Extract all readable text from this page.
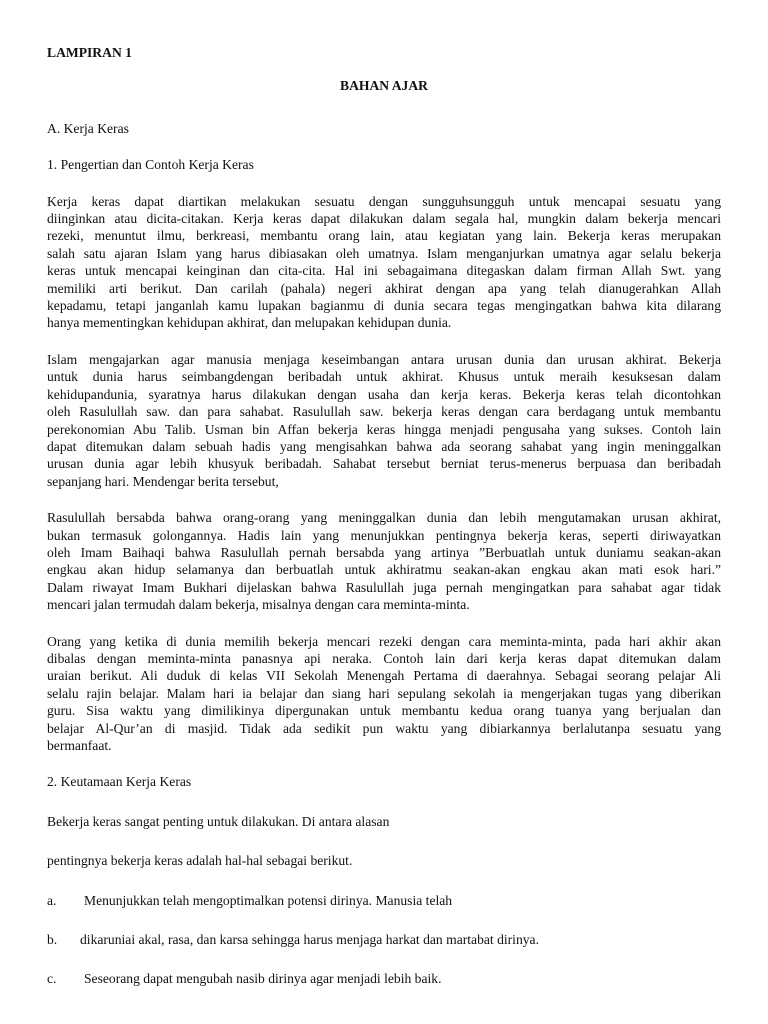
LAMPIRAN 1
BAHAN AJAR
A. Kerja Keras
1. Pengertian dan Contoh Kerja Keras

Kerja keras dapat diartikan melakukan sesuatu dengan sungguhsungguh untuk mencapai sesuatu yang
diinginkan atau dicita-citakan. Kerja keras dapat dilakukan dalam segala hal, mungkin dalam bekerja mencari
rezeki, menuntut ilmu, berkreasi, membantu orang lain, atau kegiatan yang lain. Bekerja keras merupakan
salah satu ajaran Islam yang harus dibiasakan oleh umatnya. Islam menganjurkan umatnya agar selalu bekerja
keras untuk mencapai keinginan dan cita-cita. Hal ini sebagaimana ditegaskan dalam firman Allah Swt. yang
memiliki arti berikut. Dan carilah (pahala) negeri akhirat dengan apa yang telah dianugerahkan Allah
kepadamu, tetapi janganlah kamu lupakan bagianmu di dunia secara tegas mengingatkan bahwa kita dilarang
hanya mementingkan kehidupan akhirat, dan melupakan kehidupan dunia.

Islam mengajarkan agar manusia menjaga keseimbangan antara urusan dunia dan urusan akhirat. Bekerja
untuk dunia harus seimbangdengan beribadah untuk akhirat. Khusus untuk meraih kesuksesan dalam
kehidupandunia, syaratnya harus dilakukan dengan usaha dan kerja keras. Bekerja keras telah dicontohkan
oleh Rasulullah saw. dan para sahabat. Rasulullah saw. bekerja keras dengan cara berdagang untuk membantu
perekonomian Abu Talib. Usman bin Affan bekerja keras hingga menjadi pengusaha yang sukses. Contoh lain
dapat ditemukan dalam sebuah hadis yang mengisahkan bahwa ada seorang sahabat yang ingin meninggalkan
urusan dunia agar lebih khusyuk beribadah. Sahabat tersebut berniat terus-menerus berpuasa dan beribadah
sepanjang hari. Mendengar berita tersebut,

Rasulullah bersabda bahwa orang-orang yang meninggalkan dunia dan lebih mengutamakan urusan akhirat,
bukan termasuk golongannya. Hadis lain yang menunjukkan pentingnya bekerja keras, seperti diriwayatkan
oleh Imam Baihaqi bahwa Rasulullah pernah bersabda yang artinya ”Berbuatlah untuk duniamu seakan-akan
engkau akan hidup selamanya dan berbuatlah untuk akhiratmu seakan-akan engkau akan mati esok hari.”
Dalam riwayat Imam Bukhari dijelaskan bahwa Rasulullah juga pernah mengingatkan para sahabat agar tidak
mencari jalan termudah dalam bekerja, misalnya dengan cara meminta-minta.

Orang yang ketika di dunia memilih bekerja mencari rezeki dengan cara meminta-minta, pada hari akhir akan
dibalas dengan meminta-minta panasnya api neraka. Contoh lain dari kerja keras dapat ditemukan dalam
uraian berikut. Ali duduk di kelas VII Sekolah Menengah Pertama di daerahnya. Sebagai seorang pelajar Ali
selalu rajin belajar. Malam hari ia belajar dan siang hari sepulang sekolah ia mengerjakan tugas yang diberikan
guru. Sisa waktu yang dimilikinya dipergunakan untuk membantu kedua orang tuanya yang berjualan dan
belajar Al-Qur’an di masjid. Tidak ada sedikit pun waktu yang dibiarkannya berlalutanpa sesuatu yang
bermanfaat.

2. Keutamaan Kerja Keras
Bekerja keras sangat penting untuk dilakukan. Di antara alasan
pentingnya bekerja keras adalah hal-hal sebagai berikut.
a.	Menunjukkan telah mengoptimalkan potensi dirinya. Manusia telah
b.	dikaruniai akal, rasa, dan karsa sehingga harus menjaga harkat dan martabat dirinya.
c.	Seseorang dapat mengubah nasib dirinya agar menjadi lebih baik.
